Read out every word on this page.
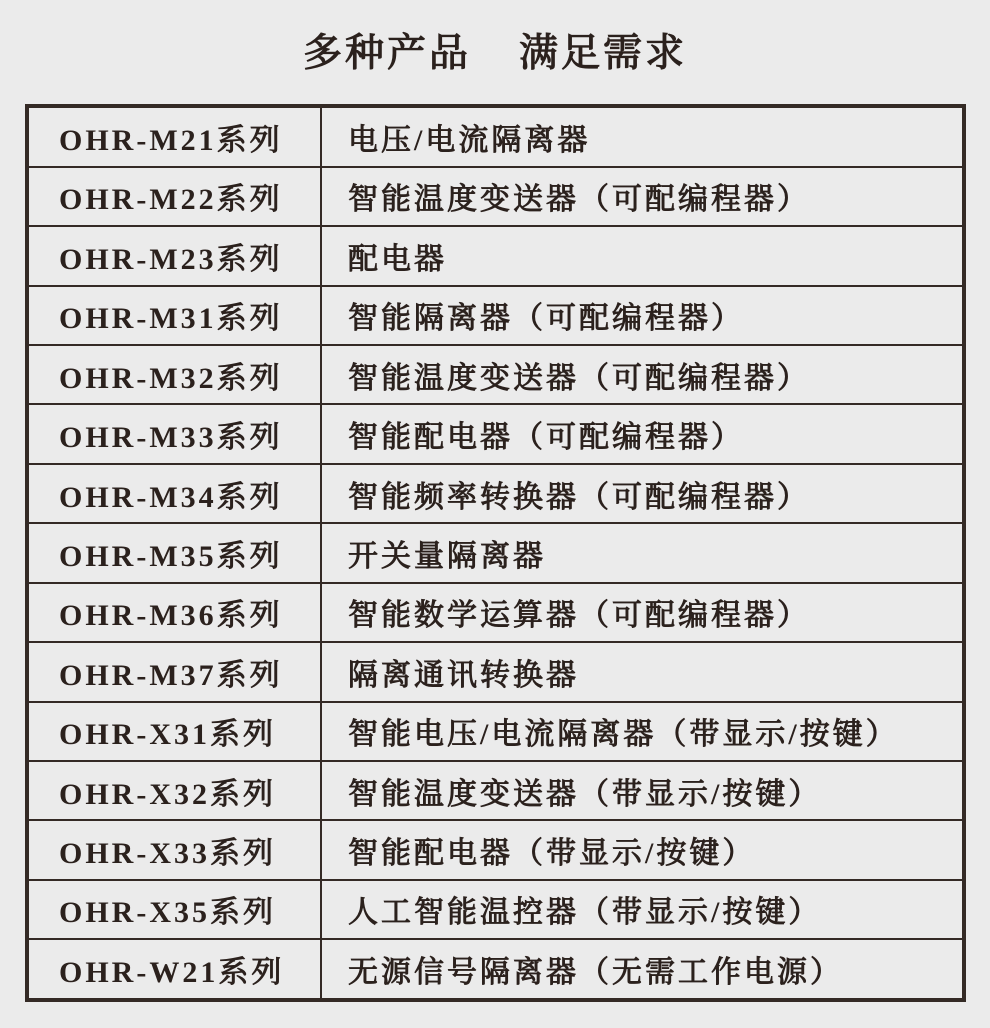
多种产品 满足需求
OHR-M21系列	电压/电流隔离器
OHR-M22系列	智能温度变送器（可配编程器）
OHR-M23系列	配电器
OHR-M31系列	智能隔离器（可配编程器）
OHR-M32系列	智能温度变送器（可配编程器）
OHR-M33系列	智能配电器（可配编程器）
OHR-M34系列	智能频率转换器（可配编程器）
OHR-M35系列	开关量隔离器
OHR-M36系列	智能数学运算器（可配编程器）
OHR-M37系列	隔离通讯转换器
OHR-X31系列	智能电压/电流隔离器（带显示/按键）
OHR-X32系列	智能温度变送器（带显示/按键）
OHR-X33系列	智能配电器（带显示/按键）
OHR-X35系列	人工智能温控器（带显示/按键）
OHR-W21系列	无源信号隔离器（无需工作电源）
